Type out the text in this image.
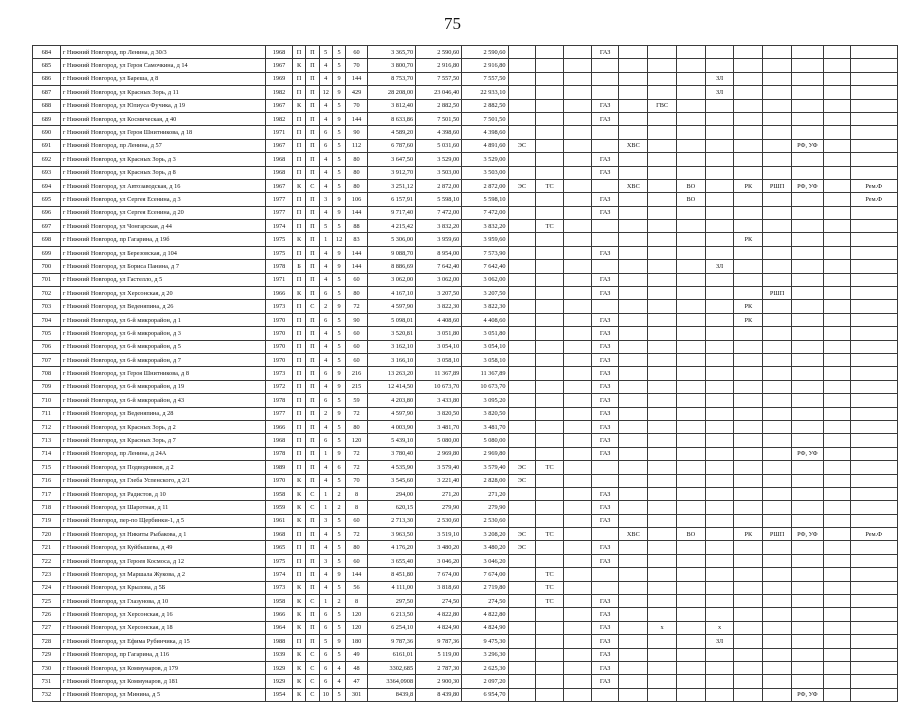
75
684	г Нижний Новгород, пр Ленина, д 30/3	1968	П	П	5	5	60	3 365,70	2 590,60	2 590,60				ГАЗ									
685	г Нижний Новгород, ул Героя Самочкина, д 14	1967	К	П	4	5	70	3 800,70	2 916,80	2 916,80													
686	г Нижний Новгород, ул Бареша, д 8	1969	П	П	4	9	144	8 753,70	7 557,50	7 557,50								ЗЛ					
687	г Нижний Новгород, ул Красных Зорь, д 11	1982	П	П	12	9	429	28 208,00	23 046,40	22 933,10								ЗЛ					
688	г Нижний Новгород, ул Юлиуса Фучика, д 19	1967	К	П	4	5	70	3 812,40	2 882,50	2 882,50				ГАЗ		ГВС							
689	г Нижний Новгород, ул Космическая, д 40	1982	П	П	4	9	144	8 633,86	7 501,50	7 501,50				ГАЗ									
690	г Нижний Новгород, ул Героя Шнитникова, д 18	1971	П	П	6	5	90	4 589,20	4 398,60	4 398,60													
691	г Нижний Новгород, пр Ленина, д 57	1967	П	П	6	5	112	6 787,60	5 031,60	4 891,60	ЭС				ХВС						РФ, УФ		
692	г Нижний Новгород, ул Красных Зорь, д 3	1968	П	П	4	5	80	3 647,50	3 529,00	3 529,00				ГАЗ									
693	г Нижний Новгород, ул Красных Зорь, д 8	1968	П	П	4	5	80	3 912,70	3 503,00	3 503,00				ГАЗ									
694	г Нижний Новгород, ул Автозаводская, д 16	1967	К	С	4	5	80	3 251,12	2 872,00	2 872,00	ЭС	ТС			ХВС		ВО		РК	РШП	РФ, УФ		Рем.Ф
695	г Нижний Новгород, ул Сергея Есенина, д 3	1977	П	П	3	9	106	6 157,91	5 598,10	5 598,10				ГАЗ			ВО						Рем.Ф
696	г Нижний Новгород, ул Сергея Есенина, д 20	1977	П	П	4	9	144	9 717,40	7 472,00	7 472,00				ГАЗ									
697	г Нижний Новгород, ул Чонгарская, д 44	1974	П	П	5	5	88	4 215,42	3 832,20	3 832,20		ТС											
698	г Нижний Новгород, пр Гагарина, д 19б	1975	К	П	1	12	83	5 306,00	3 959,60	3 959,60									РК				
699	г Нижний Новгород, ул Березовская, д 104	1975	П	П	4	9	144	9 088,70	8 954,00	7 573,90				ГАЗ									
700	г Нижний Новгород, ул Бориса Панина, д 7	1978	Б	П	4	9	144	8 886,69	7 642,40	7 642,40								ЗЛ					
701	г Нижний Новгород, ул Гастелло, д 5	1971	П	П	4	5	60	3 062,00	3 062,00	3 062,00				ГАЗ									
702	г Нижний Новгород, ул Херсонская, д 20	1966	К	П	6	5	80	4 167,10	3 207,50	3 207,50				ГАЗ						РШП			
703	г Нижний Новгород, ул Веденяпина, д 26	1973	П	С	2	9	72	4 597,90	3 822,30	3 822,30									РК				
704	г Нижний Новгород, ул 6-й микрорайон, д 1	1970	П	П	6	5	90	5 098,01	4 408,60	4 408,60				ГАЗ					РК				
705	г Нижний Новгород, ул 6-й микрорайон, д 3	1970	П	П	4	5	60	3 520,81	3 051,80	3 051,80				ГАЗ									
706	г Нижний Новгород, ул 6-й микрорайон, д 5	1970	П	П	4	5	60	3 162,10	3 054,10	3 054,10				ГАЗ									
707	г Нижний Новгород, ул 6-й микрорайон, д 7	1970	П	П	4	5	60	3 166,10	3 058,10	3 058,10				ГАЗ									
708	г Нижний Новгород, ул Героя Шнитникова, д 8	1973	П	П	6	9	216	13 263,20	11 367,89	11 367,89				ГАЗ									
709	г Нижний Новгород, ул 6-й микрорайон, д 19	1972	П	П	4	9	215	12 414,50	10 673,70	10 673,70				ГАЗ									
710	г Нижний Новгород, ул 6-й микрорайон, д 43	1978	П	П	6	5	59	4 203,80	3 433,80	3 095,20				ГАЗ									
711	г Нижний Новгород, ул Веденяпина, д 28	1977	П	П	2	9	72	4 597,90	3 820,50	3 820,50				ГАЗ									
712	г Нижний Новгород, ул Красных Зорь, д 2	1966	П	П	4	5	80	4 003,90	3 481,70	3 481,70				ГАЗ									
713	г Нижний Новгород, ул Красных Зорь, д 7	1968	П	П	6	5	120	5 439,10	5 080,00	5 080,00				ГАЗ									
714	г Нижний Новгород, пр Ленина, д 24А	1978	П	П	1	9	72	3 780,40	2 969,80	2 969,80				ГАЗ							РФ, УФ		
715	г Нижний Новгород, ул Подводников, д 2	1989	П	П	4	6	72	4 535,90	3 579,40	3 579,40	ЭС	ТС											
716	г Нижний Новгород, ул Глеба Успенского, д 2/1	1970	К	П	4	5	70	3 545,60	3 221,40	2 828,00	ЭС												
717	г Нижний Новгород, ул Радистов, д 10	1958	К	С	1	2	8	294,00	271,20	271,20				ГАЗ									
718	г Нижний Новгород, ул Шаротная, д 11	1959	К	С	1	2	8	620,15	279,90	279,90				ГАЗ									
719	г Нижний Новгород, пер-по Щербинки-1, д 5	1961	К	П	3	5	60	2 713,30	2 530,60	2 530,60				ГАЗ									
720	г Нижний Новгород, ул Никиты Рыбакова, д 1	1968	П	П	4	5	72	3 963,50	3 519,10	3 208,20	ЭС	ТС			ХВС		ВО		РК	РШП	РФ, УФ		Рем.Ф
721	г Нижний Новгород, ул Куйбышева, д 49	1965	П	П	4	5	80	4 176,20	3 480,20	3 480,20	ЭС			ГАЗ									
722	г Нижний Новгород, ул Героев Космоса, д 12	1975	П	П	3	5	60	3 655,40	3 046,20	3 046,20				ГАЗ									
723	г Нижний Новгород, ул Маршала Жукова, д 2	1974	П	П	4	9	144	8 451,80	7 674,00	7 674,00		ТС											
724	г Нижний Новгород, ул Крылова, д 5Б	1973	К	П	4	5	56	4 111,00	3 818,60	2 719,80		ТС											
725	г Нижний Новгород, ул Глазунова, д 10	1958	К	С	1	2	8	297,50	274,50	274,50		ТС		ГАЗ									
726	г Нижний Новгород, ул Херсонская, д 16	1966	К	П	6	5	120	6 213,50	4 822,80	4 822,80				ГАЗ									
727	г Нижний Новгород, ул Херсонская, д 18	1964	К	П	6	5	120	6 254,10	4 824,90	4 824,90				ГАЗ		х		х					
728	г Нижний Новгород, ул Ефима Рубинчика, д 15	1988	П	П	5	9	180	9 787,36	9 787,36	9 475,30				ГАЗ				ЗЛ					
729	г Нижний Новгород, пр Гагарина, д 116	1939	К	С	6	5	49	6161,01	5 119,00	3 296,30				ГАЗ									
730	г Нижний Новгород, ул Коммунаров, д 179	1929	К	С	6	4	48	3302,685	2 787,30	2 625,30				ГАЗ									
731	г Нижний Новгород, ул Коммунаров, д 181	1929	К	С	6	4	47	3364,0908	2 900,30	2 097,20				ГАЗ									
732	г Нижний Новгород, ул Минина, д 5	1954	К	С	10	5	301	8439,8	8 439,80	6 954,70											РФ, УФ		
